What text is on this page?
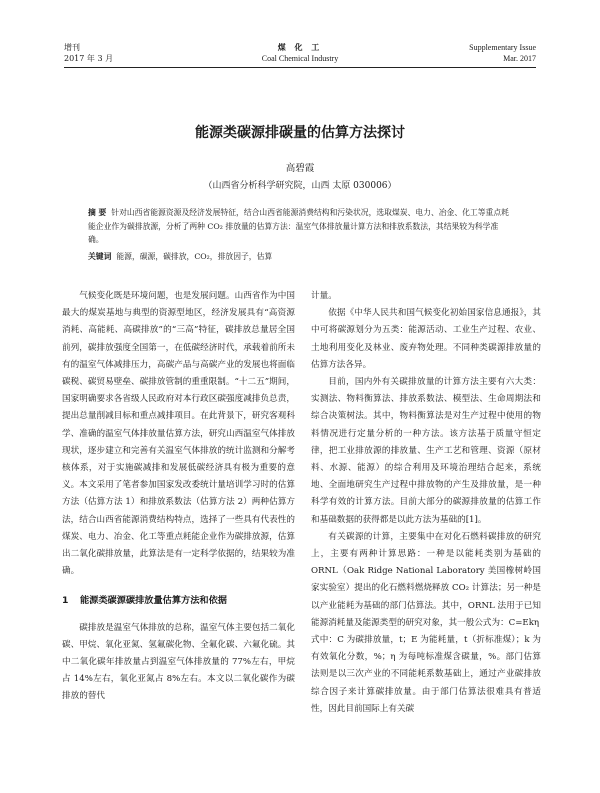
增刊
2017 年 3 月
煤 化 工
Coal Chemical Industry
Supplementary Issue
Mar. 2017
能源类碳源排碳量的估算方法探讨
高碧霞
（山西省分析科学研究院，山西 太原 030006）
摘 要 针对山西省能源资源及经济发展特征，结合山西省能源消费结构和污染状况，选取煤炭、电力、冶金、化工等重点耗能企业作为碳排放源，分析了两种 CO₂ 排放量的估算方法：温室气体排放量计算方法和排放系数法，其结果较为科学准确。
关键词 能源，碳源，碳排放，CO₂，排放因子，估算

气候变化既是环境问题，也是发展问题。山西省作为中国最大的煤炭基地与典型的资源型地区，经济发展具有“高资源消耗、高能耗、高碳排放”的“三高”特征，碳排放总量居全国前列，碳排放强度全国第一，在低碳经济时代，承载着前所未有的温室气体减排压力，高碳产品与高碳产业的发展也将面临碳税、碳贸易壁垒、碳排放管制的重重限制。“十二五”期间，国家明确要求各省级人民政府对本行政区碳强度减排负总责，提出总量削减目标和重点减排项目。在此背景下，研究客观科学、准确的温室气体排放量估算方法，研究山西温室气体排放现状，逐步建立和完善有关温室气体排放的统计监测和分解考核体系，对于实施碳减排和发展低碳经济具有极为重要的意义。本文采用了笔者参加国家发改委统计量培训学习时的估算方法（估算方法 1）和排放系数法（估算方法 2）两种估算方法，结合山西省能源消费结构特点，选择了一些具有代表性的煤炭、电力、冶金、化工等重点耗能企业作为碳排放源，估算出二氧化碳排放量，此算法是有一定科学依据的，结果较为准确。

1 能源类碳源碳排放量估算方法和依据

碳排放是温室气体排放的总称，温室气体主要包括二氧化碳、甲烷、氧化亚氮、氢氟碳化物、全氟化碳、六氟化硫。其中二氧化碳年排放量占到温室气体排放量的 77%左右，甲烷占 14%左右，氧化亚氮占 8%左右。本文以二氧化碳作为碳排放的替代

计量。

依据《中华人民共和国气候变化初始国家信息通报》，其中可将碳源划分为五类：能源活动、工业生产过程、农业、土地利用变化及林业、废弃物处理。不同种类碳源排放量的估算方法各异。

目前，国内外有关碳排放量的计算方法主要有六大类：实测法、物料衡算法、排放系数法、模型法、生命周期法和综合决策树法。其中，物料衡算法是对生产过程中使用的物料情况进行定量分析的一种方法。该方法基于质量守恒定律，把工业排放源的排放量、生产工艺和管理、资源（原材料、水源、能源）的综合利用及环境治理结合起来，系统地、全面地研究生产过程中排放物的产生及排放量，是一种科学有效的计算方法。目前大部分的碳源排放量的估算工作和基础数据的获得都是以此方法为基础的[1]。

有关碳源的计算，主要集中在对化石燃料碳排放的研究上，主要有两种计算思路：一种是以能耗类别为基础的 ORNL（Oak Ridge National Laboratory 美国橡树岭国家实验室）提出的化石燃料燃烧释放 CO₂ 计算法；另一种是以产业能耗为基础的部门估算法。其中，ORNL 法用于已知能源消耗量及能源类型的研究对象，其一般公式为：C=Ekη

式中：C 为碳排放量，t；E 为能耗量，t（折标准煤）；k 为有效氧化分数，%；η 为每吨标准煤含碳量，%。部门估算法则是以三次产业的不同能耗系数基础上，通过产业碳排放综合因子来计算碳排放量。由于部门估算法很难具有普适性，因此目前国际上有关碳
